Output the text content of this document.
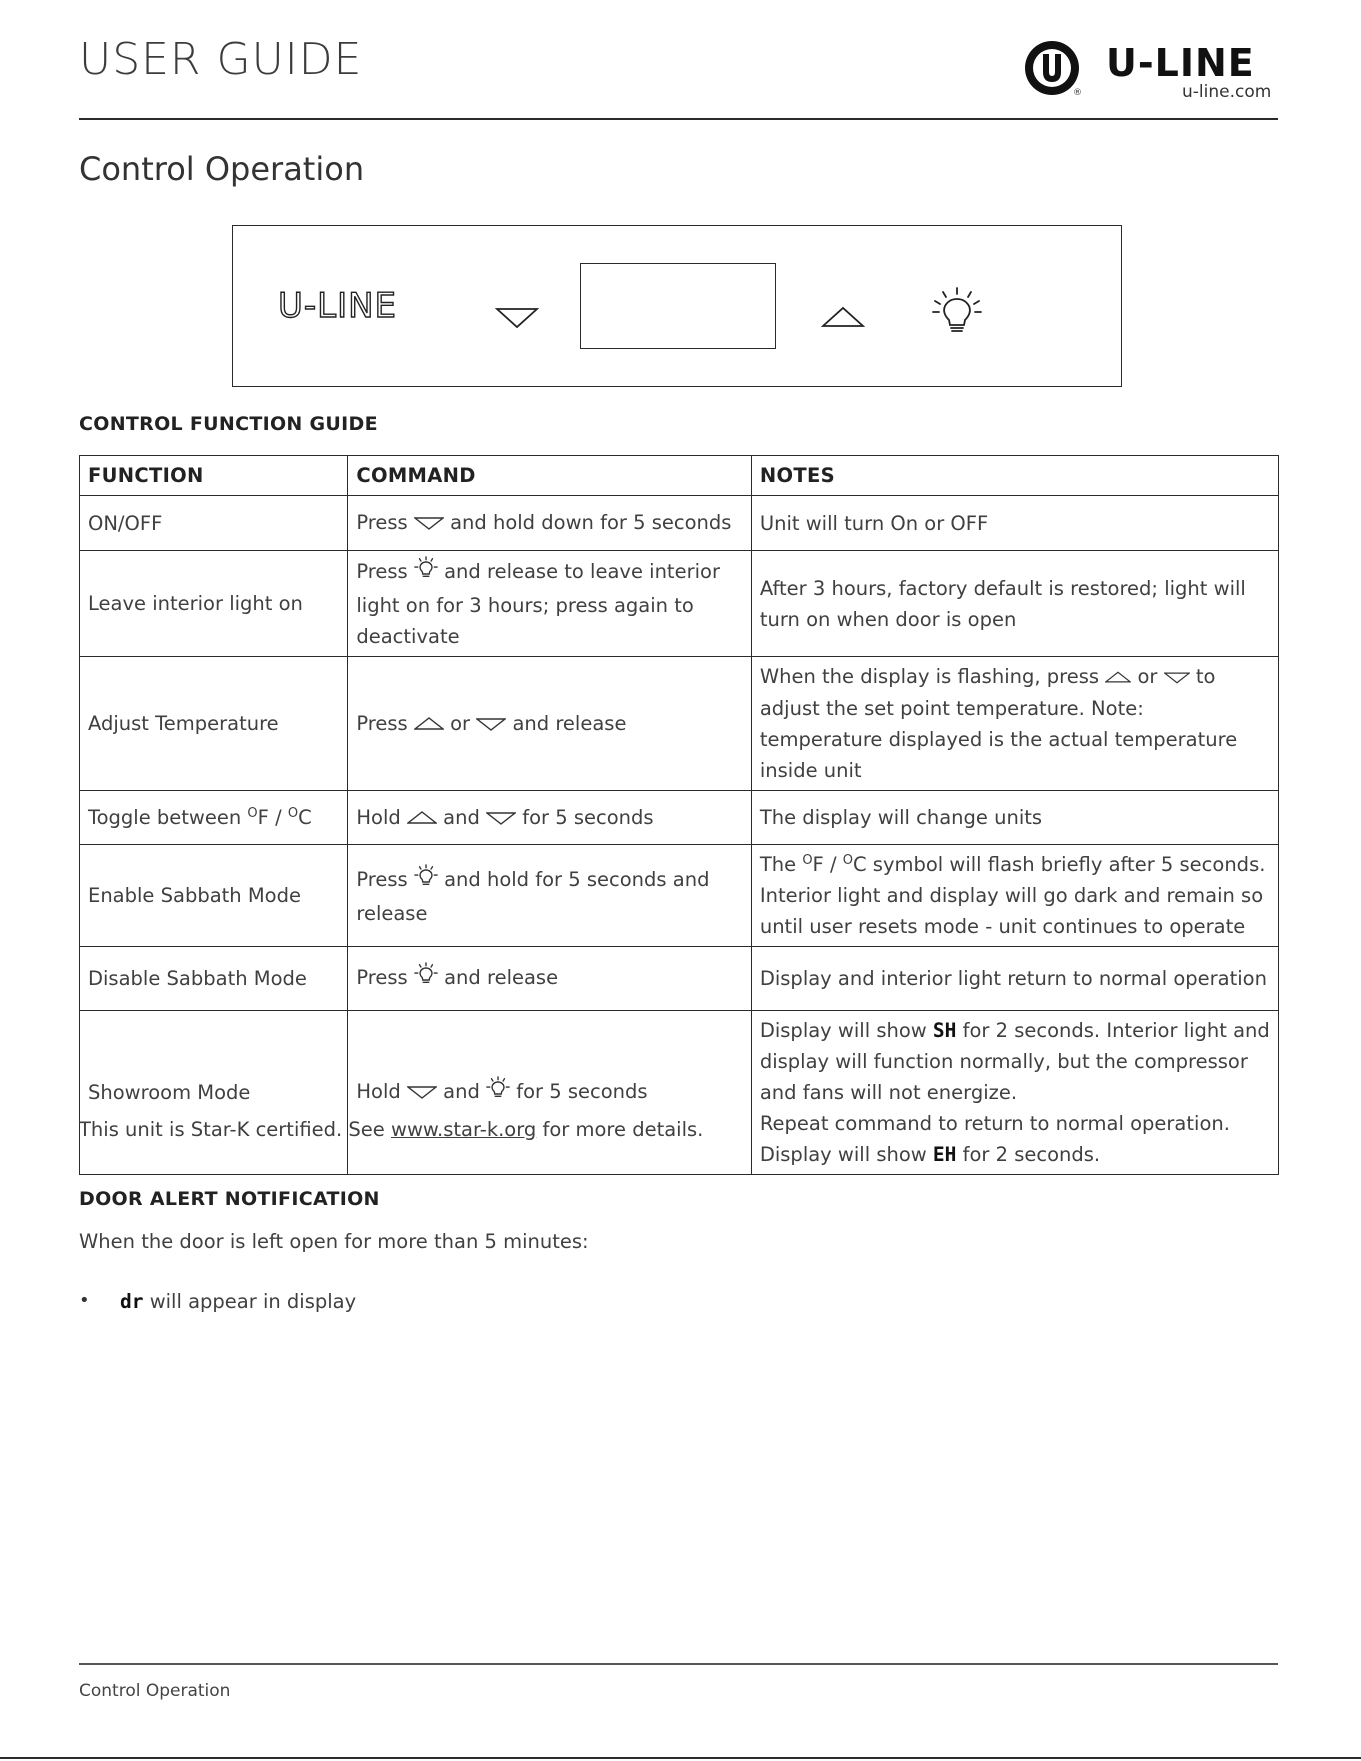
USER GUIDE
®
U-LINE
u-line.com
Control Operation
U-LINE
CONTROL FUNCTION GUIDE
FUNCTION	COMMAND	NOTES
ON/OFF	Press and hold down for 5 seconds	Unit will turn On or OFF
Leave interior light on	Press and release to leave interior light on for 3 hours; press again to deactivate	After 3 hours, factory default is restored; light will turn on when door is open
Adjust Temperature	Press or and release	When the display is flashing, press or to adjust the set point temperature. Note: temperature displayed is the actual temperature inside unit
Toggle between $^O$F / $^O$C	Hold and for 5 seconds	The display will change units
Enable Sabbath Mode	Press and hold for 5 seconds and release	The $^O$F / $^O$C symbol will flash briefly after 5 seconds. Interior light and display will go dark and remain so until user resets mode - unit continues to operate
Disable Sabbath Mode	Press and release	Display and interior light return to normal operation
Showroom Mode	Hold and for 5 seconds	Display will show SH for 2 seconds. Interior light and display will function normally, but the compressor and fans will not energize.
Repeat command to return to normal operation.
Display will show EH for 2 seconds.
This unit is Star-K certified. See www.star-k.org for more details.
DOOR ALERT NOTIFICATION
When the door is left open for more than 5 minutes:
• dr will appear in display
Control Operation
